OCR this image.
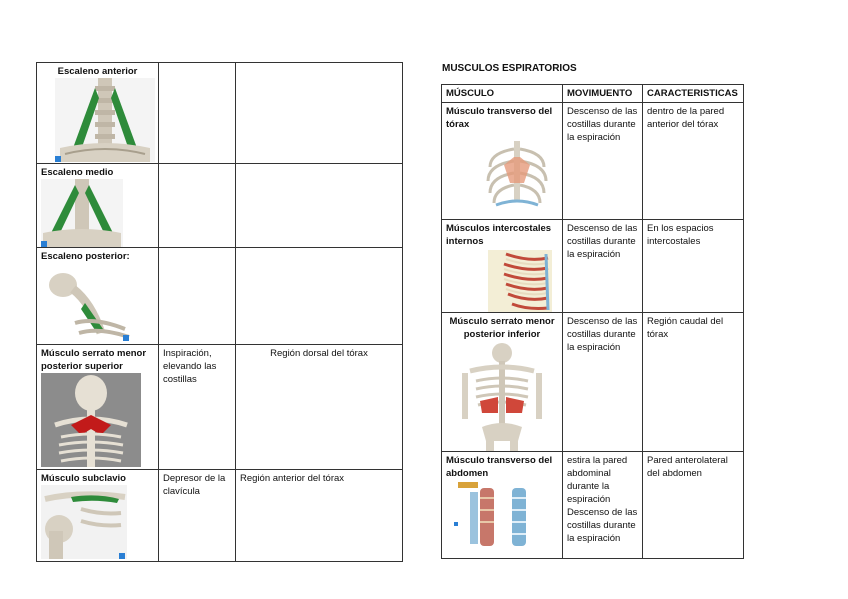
Escaleno anterior		

Escaleno medio		

Escaleno posterior:		

Músculo serrato menor posterior superior	Inspiración, elevando las costillas	Región dorsal del tórax

Músculo subclavio	Depresor de la clavícula	Región anterior del tórax
MUSCULOS ESPIRATORIOS
MÚSCULO	MOVIMUENTO	CARACTERISTICAS

Músculo transverso del tórax	Descenso de las costillas durante la espiración	dentro de la pared anterior del tórax

Músculos intercostales internos	Descenso de las costillas durante la espiración	En los espacios intercostales

Músculo serrato menor posterior inferior	Descenso de las costillas durante la espiración	Región caudal del tórax

Músculo transverso del abdomen	estira la pared abdominal durante la espiración Descenso de las costillas durante la espiración	Pared anterolateral del abdomen
